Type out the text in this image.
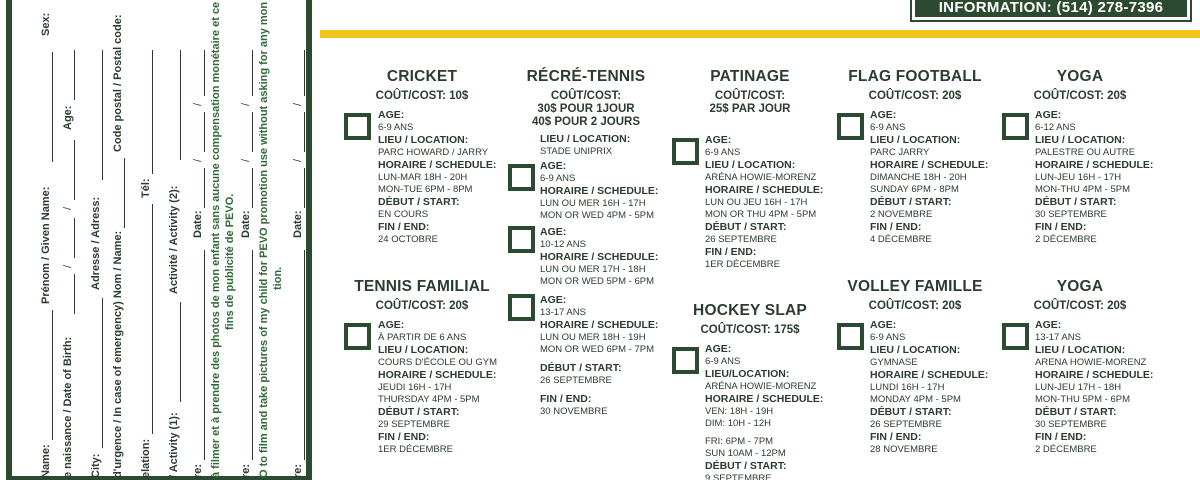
Name:
Prénom / Given Name:
Sex:
e naissance / Date of Birth:
/
/
Age:
City:
Adresse / Adress: d'urgence / In case of emergency) Nom / Name:
Code postal / Postal code:
elation:
Tél:
/ Activity (1):
Activité / Activity (2):
re:
Date:
/
/ à filmer et à prendre des photos de mon enfant sans aucune compensation monétaire et ce fins de publicité de PEVO.
re:
Date:
/
/ O to film and take pictures of my child for PEVO promotion use without asking for any mon tion.
re:
Date:
/
/
INFORMATION: (514) 278-7396
CRICKET
COÛT/COST: 10$
AGE:
6-9 ANS
LIEU / LOCATION:
PARC HOWARD / JARRY
HORAIRE / SCHEDULE:
LUN-MAR 18H - 20H
MON-TUE 6PM - 8PM
DÉBUT / START:
EN COURS
FIN / END:
24 OCTOBRE
TENNIS FAMILIAL
COÛT/COST: 20$
AGE:
À PARTIR DE 6 ANS
LIEU / LOCATION:
COURS D'ÉCOLE OU GYM
HORAIRE / SCHEDULE:
JEUDI 16H - 17H
THURSDAY 4PM - 5PM
DÉBUT / START:
29 SEPTEMBRE
FIN / END:
1ER DÉCEMBRE
RÉCRÉ-TENNIS
COÛT/COST:
30$ POUR 1JOUR
40$ POUR 2 JOURS
LIEU / LOCATION:
STADE UNIPRIX
AGE:
6-9 ANS
HORAIRE / SCHEDULE:
LUN OU MER 16H - 17H
MON OR WED 4PM - 5PM
AGE:
10-12 ANS
HORAIRE / SCHEDULE:
LUN OU MER 17H - 18H
MON OR WED 5PM - 6PM
AGE:
13-17 ANS
HORAIRE / SCHEDULE:
LUN OU MER 18H - 19H
MON OR WED 6PM - 7PM
DÉBUT / START:
26 SEPTEMBRE
FIN / END:
30 NOVEMBRE
PATINAGE
COÛT/COST:
25$ PAR JOUR
AGE:
6-9 ANS
LIEU / LOCATION:
ARÉNA HOWIE-MORENZ
HORAIRE / SCHEDULE:
LUN OU JEU 16H - 17H
MON OR THU 4PM - 5PM
DÉBUT / START:
26 SEPTEMBRE
FIN / END:
1ER DÉCEMBRE
HOCKEY SLAP
COÛT/COST: 175$
AGE:
6-9 ANS
LIEU/LOCATION:
ARÉNA HOWIE-MORENZ
HORAIRE / SCHEDULE:
VEN: 18H - 19H
DIM: 10H - 12H
FRI: 6PM - 7PM
SUN 10AM - 12PM
DÉBUT / START:
9 SEPTEMBRE
FLAG FOOTBALL
COÛT/COST: 20$
AGE:
6-9 ANS
LIEU / LOCATION:
PARC JARRY
HORAIRE / SCHEDULE:
DIMANCHE 18H - 20H
SUNDAY 6PM - 8PM
DÉBUT / START:
2 NOVEMBRE
FIN / END:
4 DÉCEMBRE
VOLLEY FAMILLE
COÛT/COST: 20$
AGE:
6-9 ANS
LIEU / LOCATION:
GYMNASE
HORAIRE / SCHEDULE:
LUNDI 16H - 17H
MONDAY 4PM - 5PM
DÉBUT / START:
26 SEPTEMBRE
FIN / END:
28 NOVEMBRE
YOGA
COÛT/COST: 20$
AGE:
6-12 ANS
LIEU / LOCATION:
PALESTRE OU AUTRE
HORAIRE / SCHEDULE:
LUN-JEU 16H - 17H
MON-THU 4PM - 5PM
DÉBUT / START:
30 SEPTEMBRE
FIN / END:
2 DÉCEMBRE
YOGA
COÛT/COST: 20$
AGE:
13-17 ANS
LIEU / LOCATION:
ARENA HOWIE-MORENZ
HORAIRE / SCHEDULE:
LUN-JEU 17H - 18H
MON-THU 5PM - 6PM
DÉBUT / START:
30 SEPTEMBRE
FIN / END:
2 DÉCEMBRE
